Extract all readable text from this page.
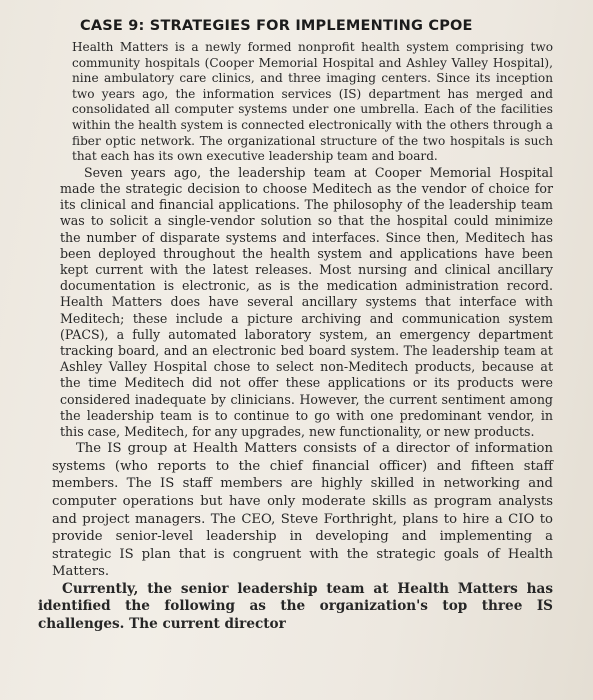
CASE 9: STRATEGIES FOR IMPLEMENTING CPOE

Health Matters is a newly formed nonprofit health system comprising two community hospitals (Cooper Memorial Hospital and Ashley Valley Hospital), nine ambulatory care clinics, and three imaging centers. Since its inception two years ago, the information services (IS) department has merged and consolidated all computer systems under one umbrella. Each of the facilities within the health system is connected electronically with the others through a fiber optic network. The organizational structure of the two hospitals is such that each has its own executive leadership team and board.

Seven years ago, the leadership team at Cooper Memorial Hospital made the strategic decision to choose Meditech as the vendor of choice for its clinical and financial applications. The philosophy of the leadership team was to solicit a single-vendor solution so that the hospital could minimize the number of disparate systems and interfaces. Since then, Meditech has been deployed throughout the health system and applications have been kept current with the latest releases. Most nursing and clinical ancillary documentation is electronic, as is the medication administration record. Health Matters does have several ancillary systems that interface with Meditech; these include a picture archiving and communication system (PACS), a fully automated laboratory system, an emergency department tracking board, and an electronic bed board system. The leadership team at Ashley Valley Hospital chose to select non-Meditech products, because at the time Meditech did not offer these applications or its products were considered inadequate by clinicians. However, the current sentiment among the leadership team is to continue to go with one predominant vendor, in this case, Meditech, for any upgrades, new functionality, or new products.

The IS group at Health Matters consists of a director of information systems (who reports to the chief financial officer) and fifteen staff members. The IS staff members are highly skilled in networking and computer operations but have only moderate skills as program analysts and project managers. The CEO, Steve Forthright, plans to hire a CIO to provide senior-level leadership in developing and implementing a strategic IS plan that is congruent with the strategic goals of Health Matters.

Currently, the senior leadership team at Health Matters has identified the following as the organization's top three IS challenges. The current director
